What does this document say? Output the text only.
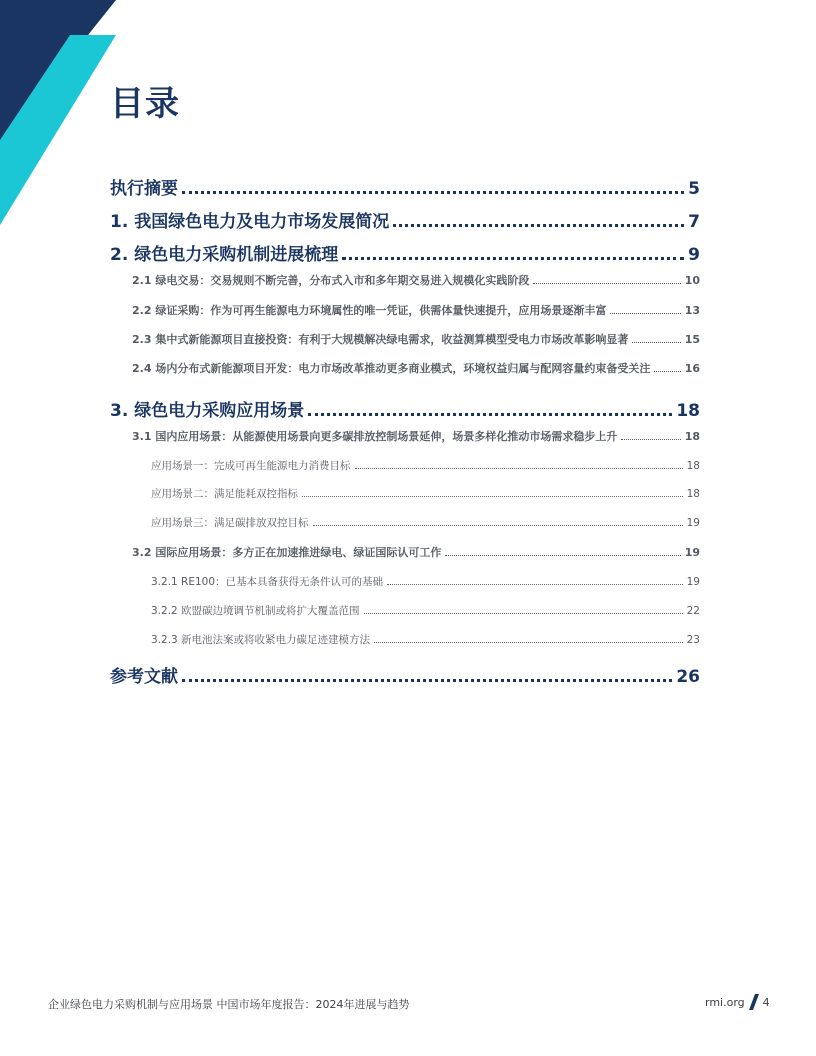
目录
执行摘要	5
1. 我国绿色电力及电力市场发展简况	7
2. 绿色电力采购机制进展梳理	9
2.1 绿电交易：交易规则不断完善，分布式入市和多年期交易进入规模化实践阶段	10
2.2 绿证采购：作为可再生能源电力环境属性的唯一凭证，供需体量快速提升，应用场景逐渐丰富	13
2.3 集中式新能源项目直接投资：有利于大规模解决绿电需求，收益测算模型受电力市场改革影响显著	15
2.4 场内分布式新能源项目开发：电力市场改革推动更多商业模式，环境权益归属与配网容量约束备受关注	16
3. 绿色电力采购应用场景	18
3.1 国内应用场景：从能源使用场景向更多碳排放控制场景延伸，场景多样化推动市场需求稳步上升	18
应用场景一：完成可再生能源电力消费目标	18
应用场景二：满足能耗双控指标	18
应用场景三：满足碳排放双控目标	19
3.2 国际应用场景：多方正在加速推进绿电、绿证国际认可工作	19
3.2.1 RE100：已基本具备获得无条件认可的基础	19
3.2.2 欧盟碳边境调节机制或将扩大覆盖范围	22
3.2.3 新电池法案或将收紧电力碳足迹建模方法	23
参考文献	26
企业绿色电力采购机制与应用场景 中国市场年度报告：2024年进展与趋势	rmi.org 4
